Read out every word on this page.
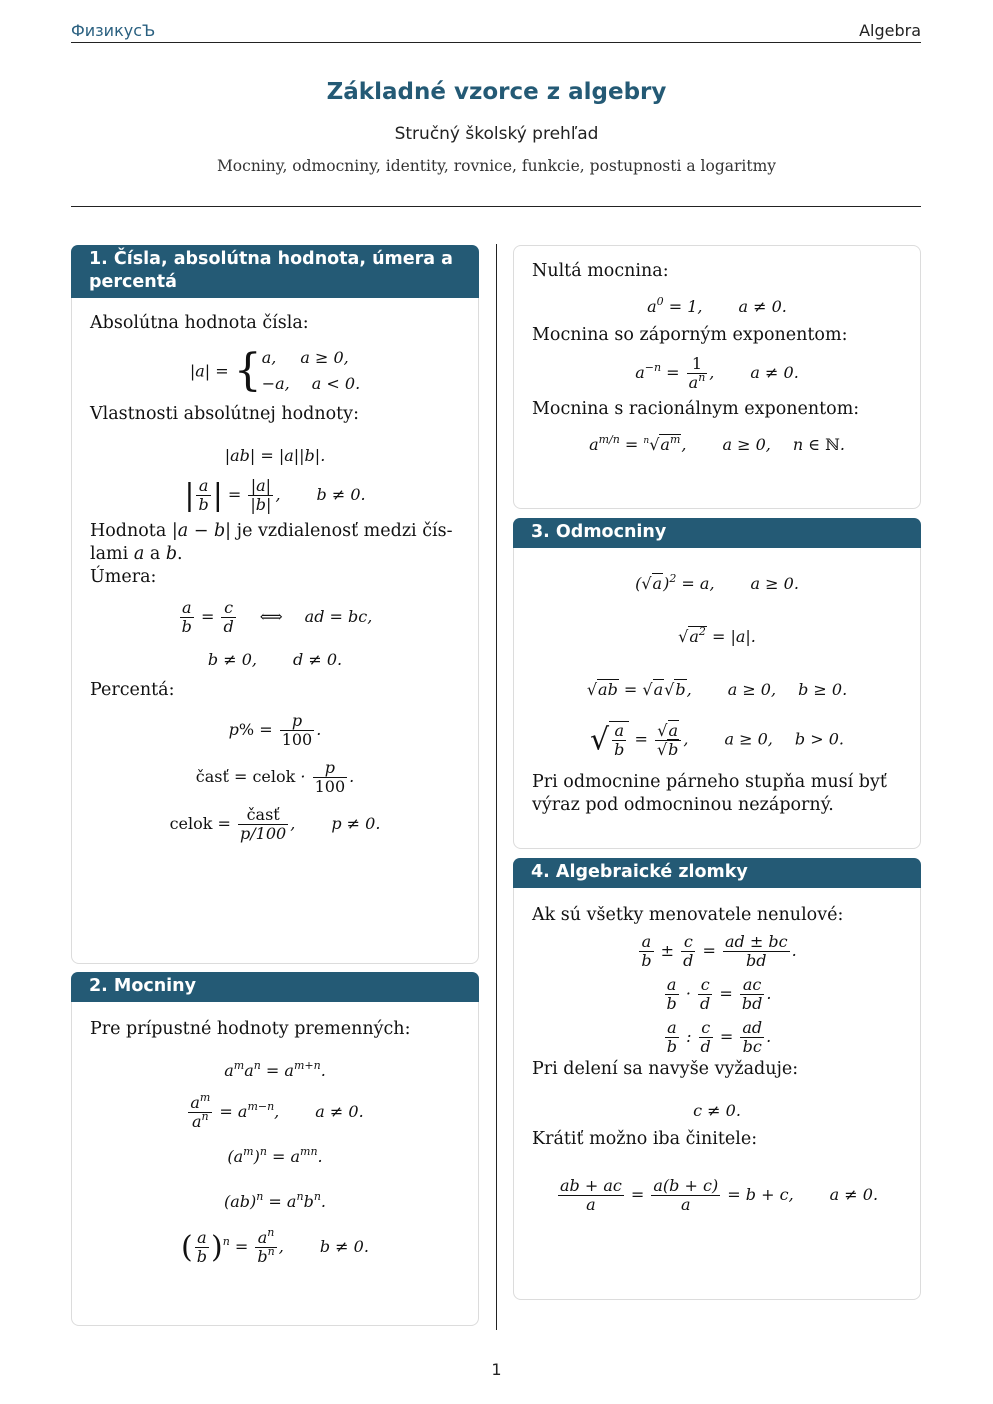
ФизикусЪ	Algebra
Základné vzorce z algebry
Stručný školský prehľad
Mocniny, odmocniny, identity, rovnice, funkcie, postupnosti a logaritmy
1. Čísla, absolútna hodnota, úmera a percentá
Absolútna hodnota čísla:
|a| = {a, a ≥ 0,
−a, a < 0.
Vlastnosti absolútnej hodnoty:
|ab| = |a||b|.
| $\frac{a}{b}$ | = $\frac{|a|}{|b|}$ , b ≠ 0.
Hodnota |a − b| je vzdialenosť medzi čís-lami a a b.
Úmera:
$\frac{a}{b} = \frac{c}{d}$ ⟺ ad = bc,
b ≠ 0, d ≠ 0.
Percentá:
$p\% = \frac{p}{100}$ .
časť = celok · $\frac{p}{100}$ .
celok = $\frac{\text{časť}}{p/100}$ , p ≠ 0.
2. Mocniny
Pre prípustné hodnoty premenných:
$a^ma^n = a^{m+n}$.
$\frac{a^m}{a^n} = a^{m-n}$, a ≠ 0.
$(a^m)^n = a^{mn}$.
$(ab)^n = a^nb^n$.
( $\frac{a}{b} )^n = \frac{a^n}{b^n}$ , b ≠ 0.
Nultá mocnina:
$a^0 = 1$, a ≠ 0.
Mocnina so záporným exponentom:
$a^{-n} = \frac{1}{a^n}$ , a ≠ 0.
Mocnina s racionálnym exponentom:
$a^{m/n} = ^n√a^m$, a ≥ 0, n ∈ ℕ.
3. Odmocniny
$(√a)^2 = a$, a ≥ 0.
$√a^2 = |a|$.
√ab = √a√b, a ≥ 0, b ≥ 0.
√ $\frac{a}{b} = \frac{√a}{√b}$ , a ≥ 0, b > 0.
Pri odmocnine párneho stupňa musí byť výraz pod odmocninou nezáporný.
4. Algebraické zlomky
Ak sú všetky menovatele nenulové:
$\frac{a}{b} \pm \frac{c}{d} = \frac{ad \pm bc}{bd}$ .
$\frac{a}{b} \cdot \frac{c}{d} = \frac{ac}{bd}$ .
$\frac{a}{b}$ : $\frac{c}{d} = \frac{ad}{bc}$ .
Pri delení sa navyše vyžaduje:
c ≠ 0.
Krátiť možno iba činitele:
$\frac{ab + ac}{a} = \frac{a(b + c)}{a} = b + c$, a ≠ 0.
1
